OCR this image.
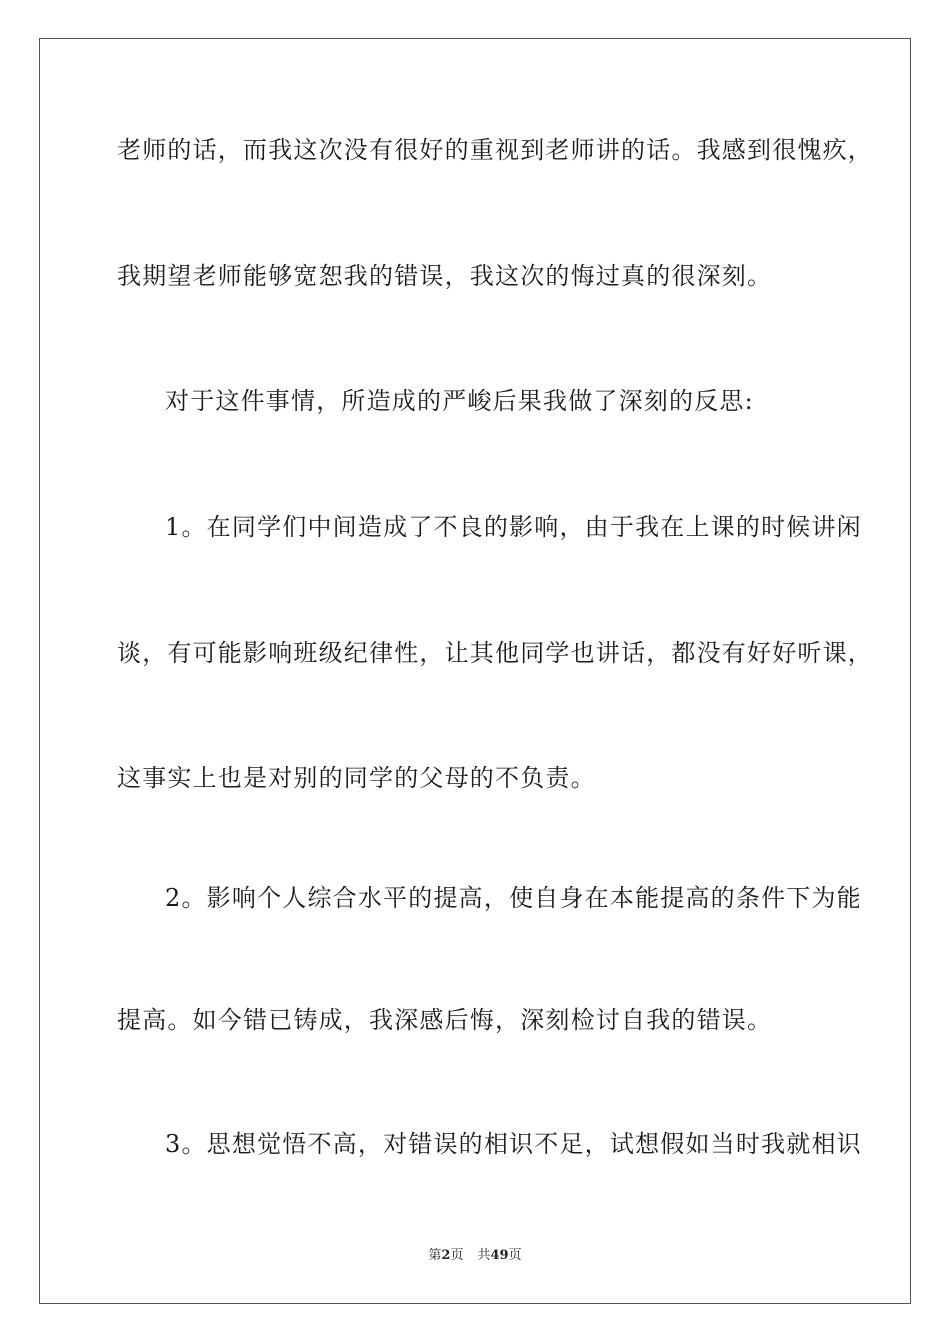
老师的话，而我这次没有很好的重视到老师讲的话。我感到很愧疚，
我期望老师能够宽恕我的错误，我这次的悔过真的很深刻。
对于这件事情，所造成的严峻后果我做了深刻的反思:
1。在同学们中间造成了不良的影响，由于我在上课的时候讲闲
谈，有可能影响班级纪律性，让其他同学也讲话，都没有好好听课，
这事实上也是对别的同学的父母的不负责。
2。影响个人综合水平的提高，使自身在本能提高的条件下为能
提高。如今错已铸成，我深感后悔，深刻检讨自我的错误。
3。思想觉悟不高，对错误的相识不足，试想假如当时我就相识
第2页 共49页
